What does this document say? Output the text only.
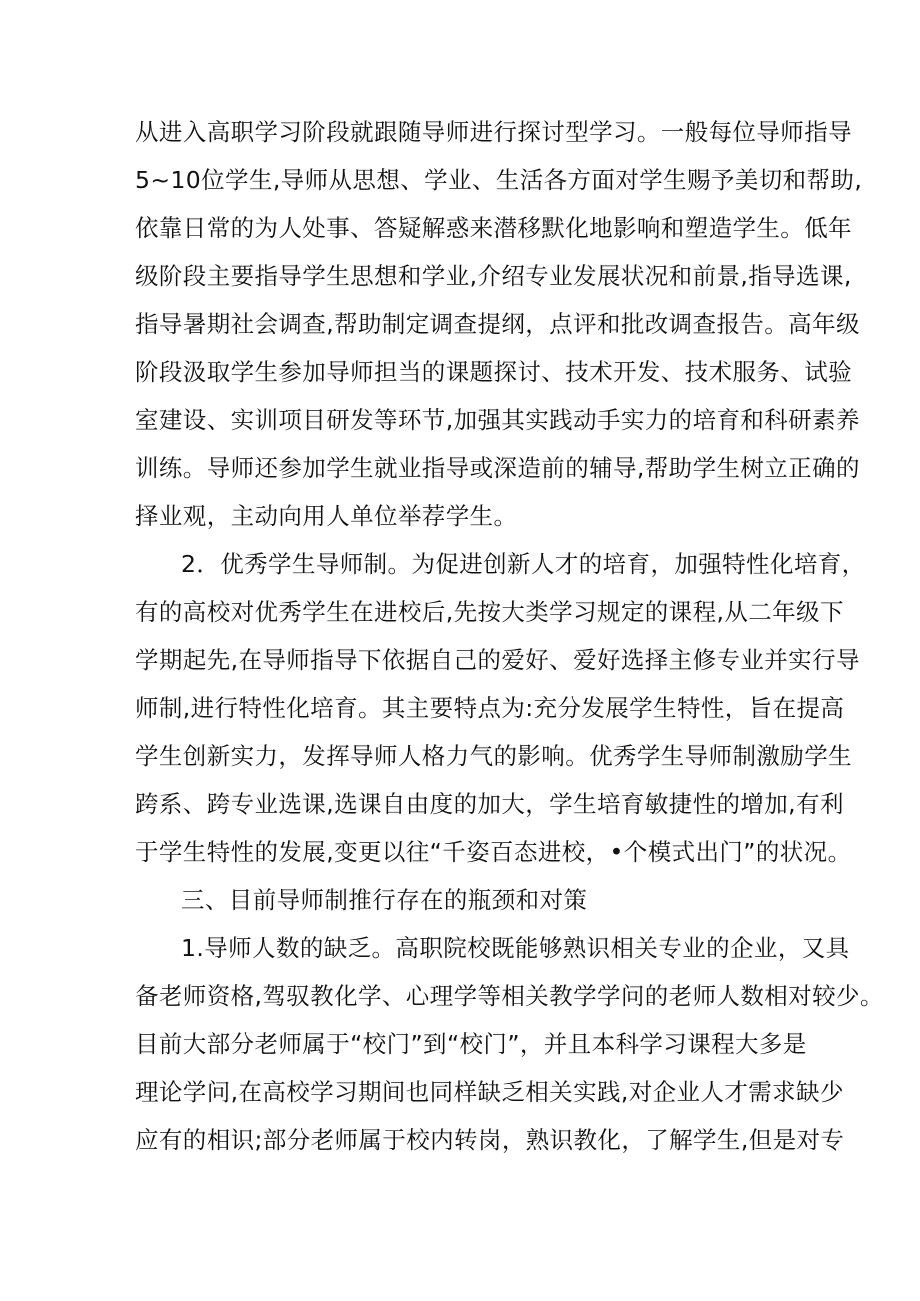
从进入高职学习阶段就跟随导师进行探讨型学习。一般每位导师指导
5~10位学生,导师从思想、学业、生活各方面对学生赐予美切和帮助,
依靠日常的为人处事、答疑解惑来潜移默化地影响和塑造学生。低年
级阶段主要指导学生思想和学业,介绍专业发展状况和前景,指导选课,
指导暑期社会调查,帮助制定调查提纲，点评和批改调查报告。高年级
阶段汲取学生参加导师担当的课题探讨、技术开发、技术服务、试验
室建设、实训项目研发等环节,加强其实践动手实力的培育和科研素养
训练。导师还参加学生就业指导或深造前的辅导,帮助学生树立正确的
择业观，主动向用人单位举荐学生。
2．优秀学生导师制。为促进创新人才的培育，加强特性化培育，
有的高校对优秀学生在进校后,先按大类学习规定的课程,从二年级下
学期起先,在导师指导下依据自己的爱好、爱好选择主修专业并实行导
师制,进行特性化培育。其主要特点为:充分发展学生特性，旨在提高
学生创新实力，发挥导师人格力气的影响。优秀学生导师制激励学生
跨系、跨专业选课,选课自由度的加大，学生培育敏捷性的增加,有利
于学生特性的发展,变更以往“千姿百态进校，•个模式出门”的状况。
三、目前导师制推行存在的瓶颈和对策
1.导师人数的缺乏。高职院校既能够熟识相关专业的企业，又具
备老师资格,驾驭教化学、心理学等相关教学学问的老师人数相对较少。
目前大部分老师属于“校门”到“校门”，并且本科学习课程大多是
理论学问,在高校学习期间也同样缺乏相关实践,对企业人才需求缺少
应有的相识;部分老师属于校内转岗，熟识教化，了解学生,但是对专
